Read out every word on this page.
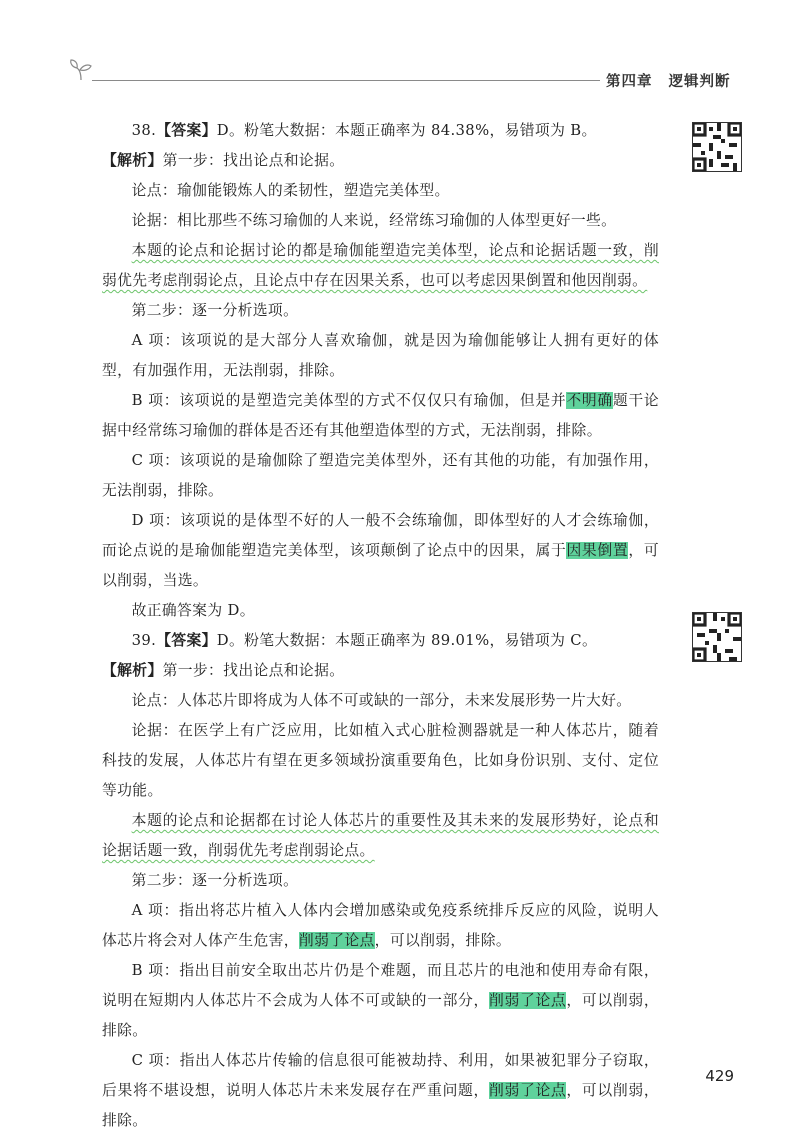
第四章 逻辑判断

38.【答案】D。粉笔大数据：本题正确率为 84.38%，易错项为 B。

【解析】第一步：找出论点和论据。

论点：瑜伽能锻炼人的柔韧性，塑造完美体型。

论据：相比那些不练习瑜伽的人来说，经常练习瑜伽的人体型更好一些。

本题的论点和论据讨论的都是瑜伽能塑造完美体型，论点和论据话题一致，削弱优先考虑削弱论点，且论点中存在因果关系，也可以考虑因果倒置和他因削弱。

第二步：逐一分析选项。

A 项：该项说的是大部分人喜欢瑜伽，就是因为瑜伽能够让人拥有更好的体型，有加强作用，无法削弱，排除。

B 项：该项说的是塑造完美体型的方式不仅仅只有瑜伽，但是并不明确题干论据中经常练习瑜伽的群体是否还有其他塑造体型的方式，无法削弱，排除。

C 项：该项说的是瑜伽除了塑造完美体型外，还有其他的功能，有加强作用，无法削弱，排除。

D 项：该项说的是体型不好的人一般不会练瑜伽，即体型好的人才会练瑜伽，而论点说的是瑜伽能塑造完美体型，该项颠倒了论点中的因果，属于因果倒置，可以削弱，当选。

故正确答案为 D。

39.【答案】D。粉笔大数据：本题正确率为 89.01%，易错项为 C。

【解析】第一步：找出论点和论据。

论点：人体芯片即将成为人体不可或缺的一部分，未来发展形势一片大好。

论据：在医学上有广泛应用，比如植入式心脏检测器就是一种人体芯片，随着科技的发展，人体芯片有望在更多领域扮演重要角色，比如身份识别、支付、定位等功能。

本题的论点和论据都在讨论人体芯片的重要性及其未来的发展形势好，论点和论据话题一致，削弱优先考虑削弱论点。

第二步：逐一分析选项。

A 项：指出将芯片植入人体内会增加感染或免疫系统排斥反应的风险，说明人体芯片将会对人体产生危害，削弱了论点，可以削弱，排除。

B 项：指出目前安全取出芯片仍是个难题，而且芯片的电池和使用寿命有限，说明在短期内人体芯片不会成为人体不可或缺的一部分，削弱了论点，可以削弱，排除。

C 项：指出人体芯片传输的信息很可能被劫持、利用，如果被犯罪分子窃取，后果将不堪设想，说明人体芯片未来发展存在严重问题，削弱了论点，可以削弱，排除。

429
